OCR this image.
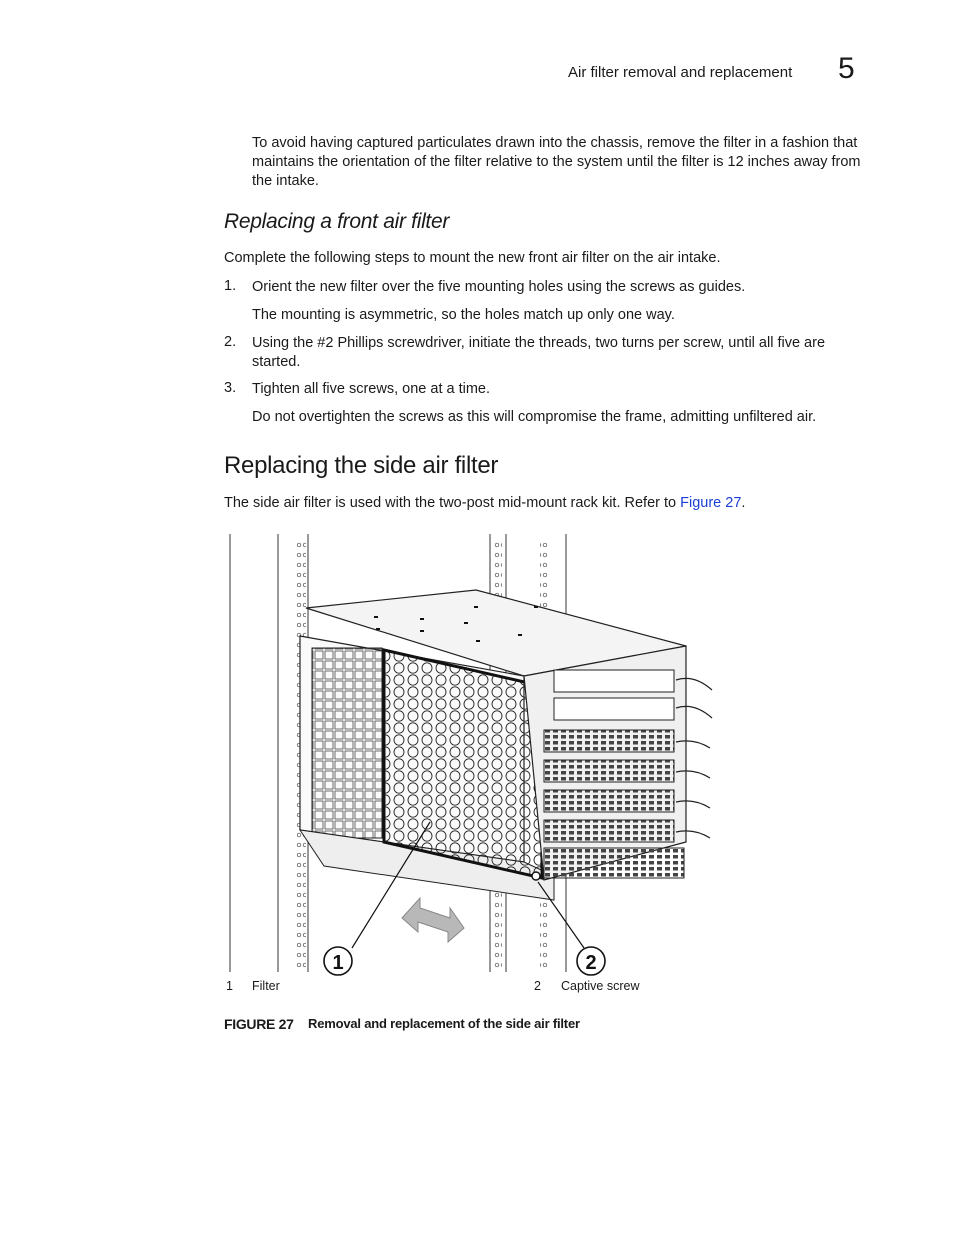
Air filter removal and replacement 5

To avoid having captured particulates drawn into the chassis, remove the filter in a fashion that maintains the orientation of the filter relative to the system until the filter is 12 inches away from the intake.

Replacing a front air filter

Complete the following steps to mount the new front air filter on the air intake.

1. Orient the new filter over the five mounting holes using the screws as guides.

The mounting is asymmetric, so the holes match up only one way.

2. Using the #2 Phillips screwdriver, initiate the threads, two turns per screw, until all five are started.

3. Tighten all five screws, one at a time.

Do not overtighten the screws as this will compromise the frame, admitting unfiltered air.

Replacing the side air filter

The side air filter is used with the two-post mid-mount rack kit. Refer to Figure 27.

1	2
1 Filter	2 Captive screw
FIGURE 27 Removal and replacement of the side air filter
